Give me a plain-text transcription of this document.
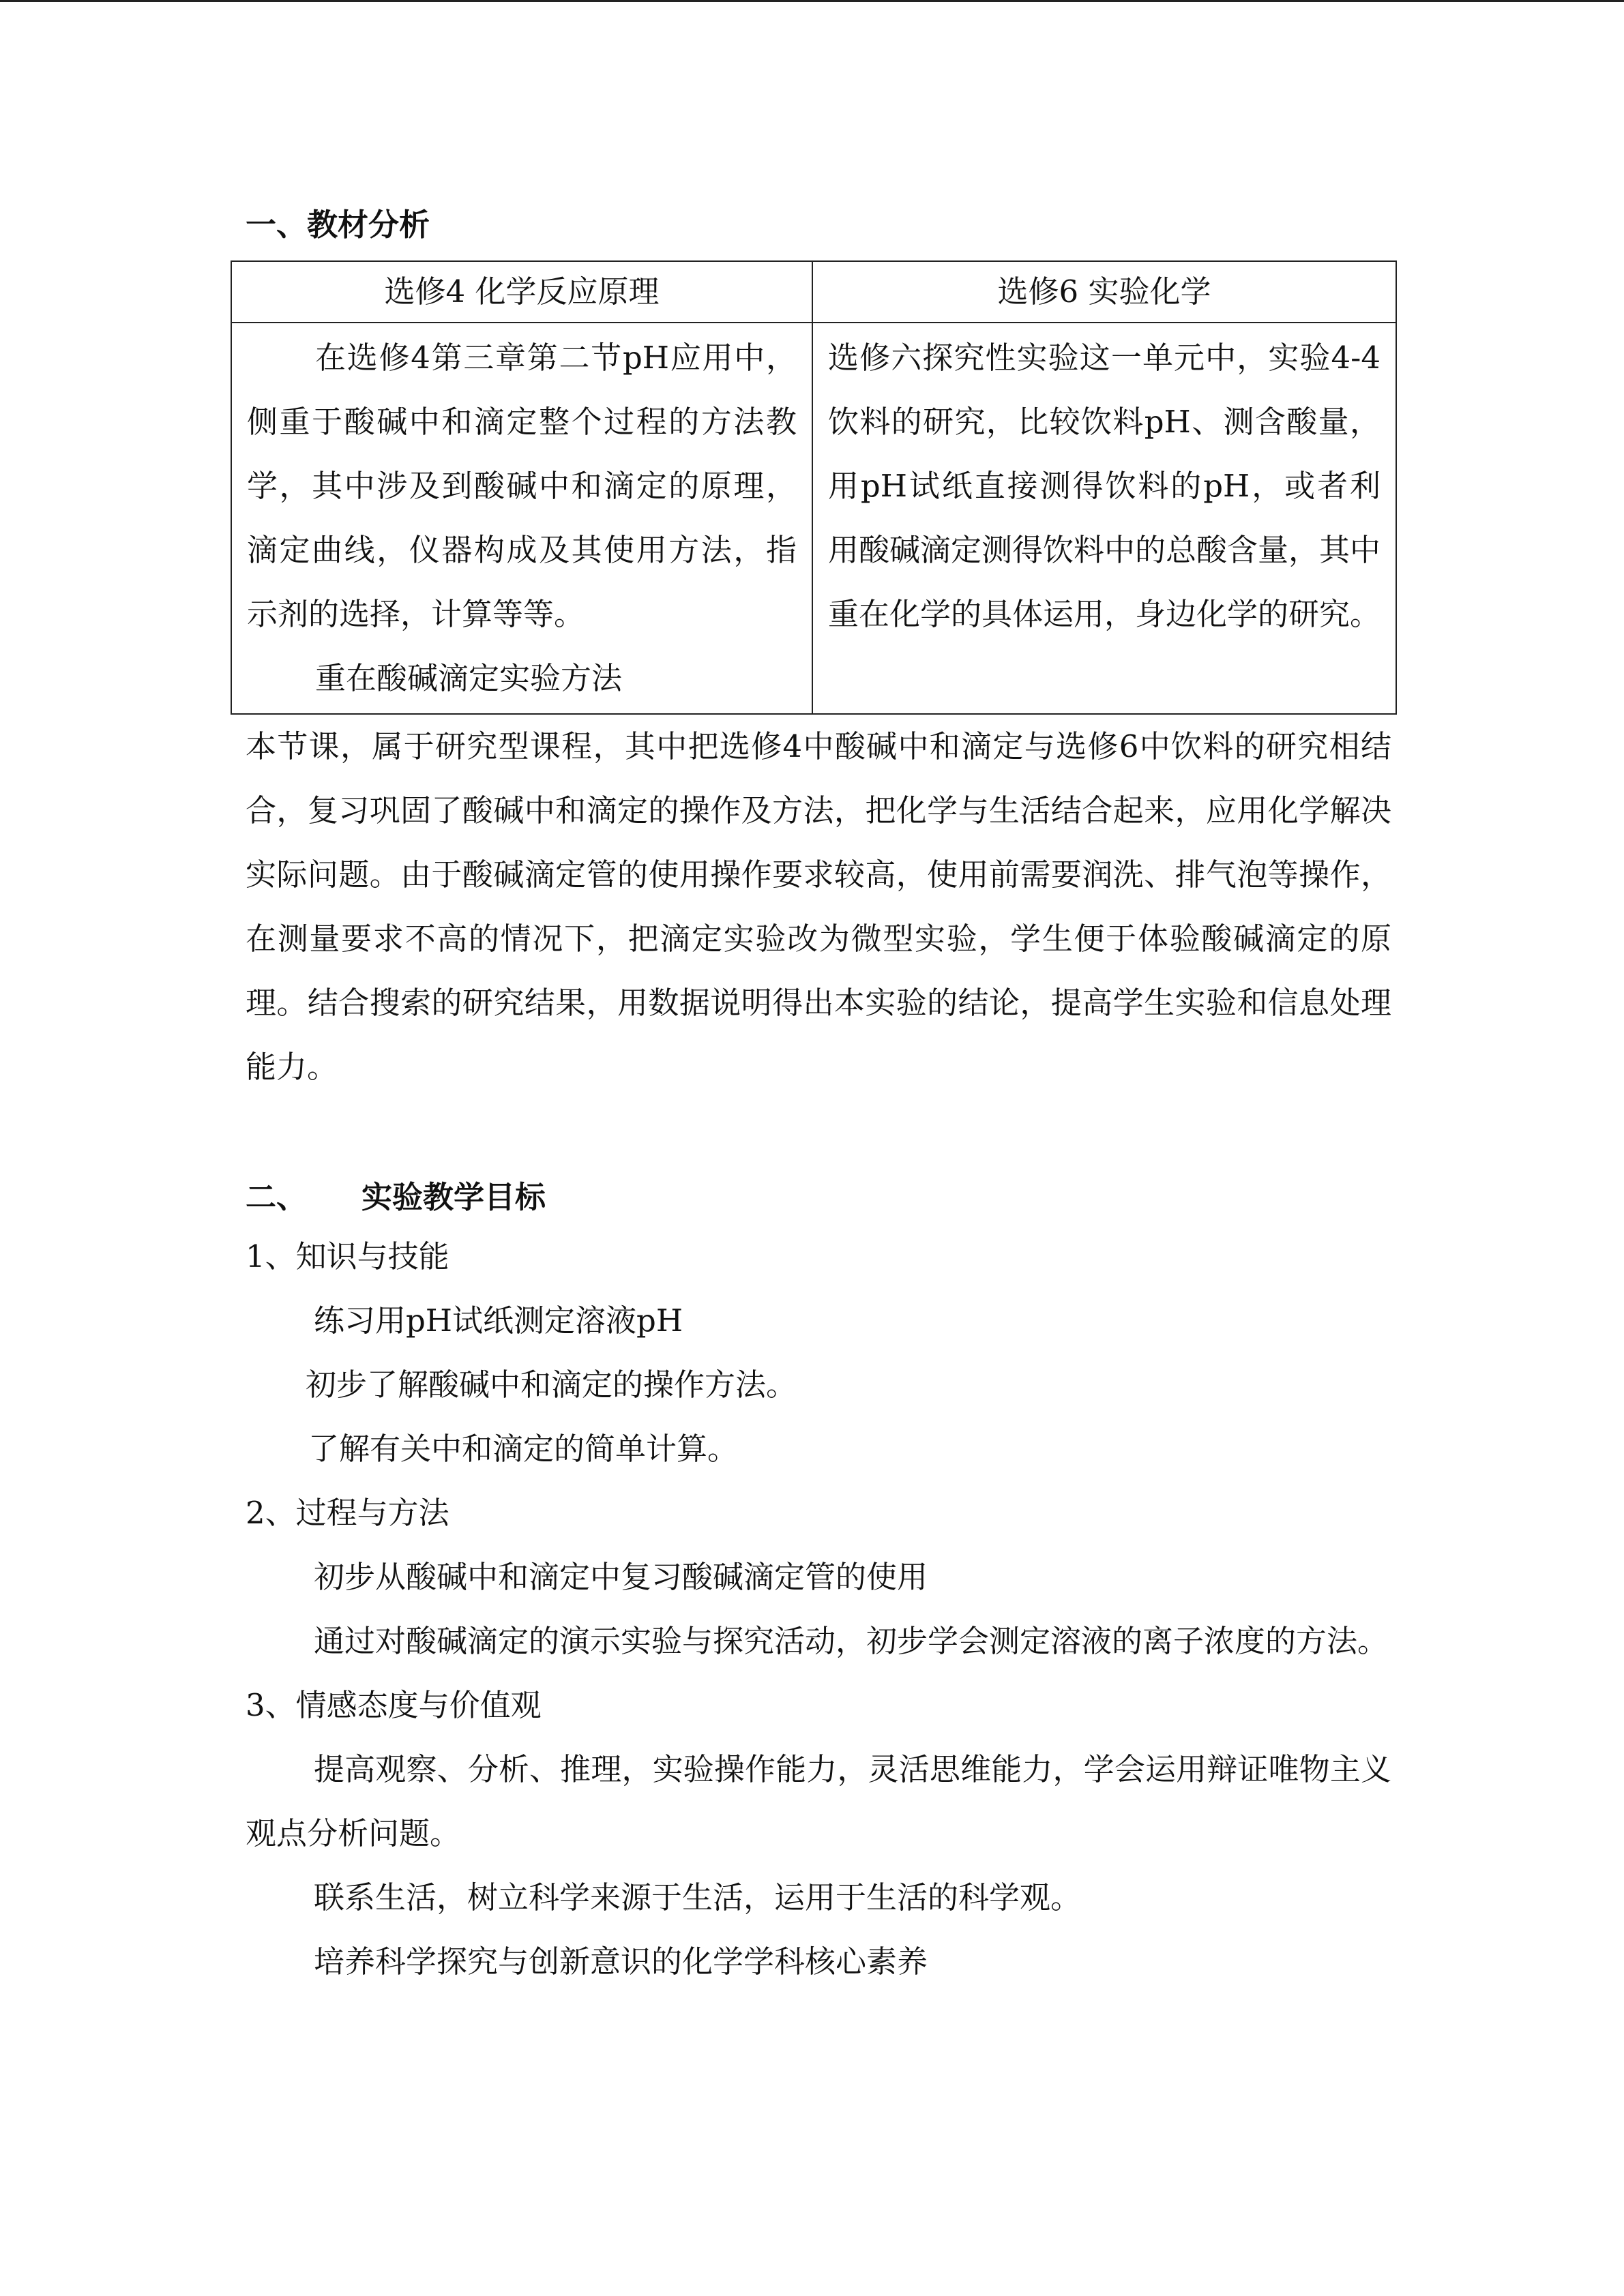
一、教材分析
选修4 化学反应原理	选修6 实验化学

在选修4第三章第二节pH应用中，侧重于酸碱中和滴定整个过程的方法教学，其中涉及到酸碱中和滴定的原理，滴定曲线，仪器构成及其使用方法，指示剂的选择，计算等等。
重在酸碱滴定实验方法	选修六探究性实验这一单元中，实验4-4饮料的研究，比较饮料pH、测含酸量，用pH试纸直接测得饮料的pH，或者利用酸碱滴定测得饮料中的总酸含量，其中重在化学的具体运用，身边化学的研究。

本节课，属于研究型课程，其中把选修4中酸碱中和滴定与选修6中饮料的研究相结合，复习巩固了酸碱中和滴定的操作及方法，把化学与生活结合起来，应用化学解决实际问题。由于酸碱滴定管的使用操作要求较高，使用前需要润洗、排气泡等操作，在测量要求不高的情况下，把滴定实验改为微型实验，学生便于体验酸碱滴定的原理。结合搜索的研究结果，用数据说明得出本实验的结论，提高学生实验和信息处理能力。

二、 实验教学目标

1、知识与技能

练习用pH试纸测定溶液pH

初步了解酸碱中和滴定的操作方法。

了解有关中和滴定的简单计算。

2、过程与方法

初步从酸碱中和滴定中复习酸碱滴定管的使用

通过对酸碱滴定的演示实验与探究活动，初步学会测定溶液的离子浓度的方法。

3、情感态度与价值观

提高观察、分析、推理，实验操作能力，灵活思维能力，学会运用辩证唯物主义观点分析问题。

联系生活，树立科学来源于生活，运用于生活的科学观。

培养科学探究与创新意识的化学学科核心素养
